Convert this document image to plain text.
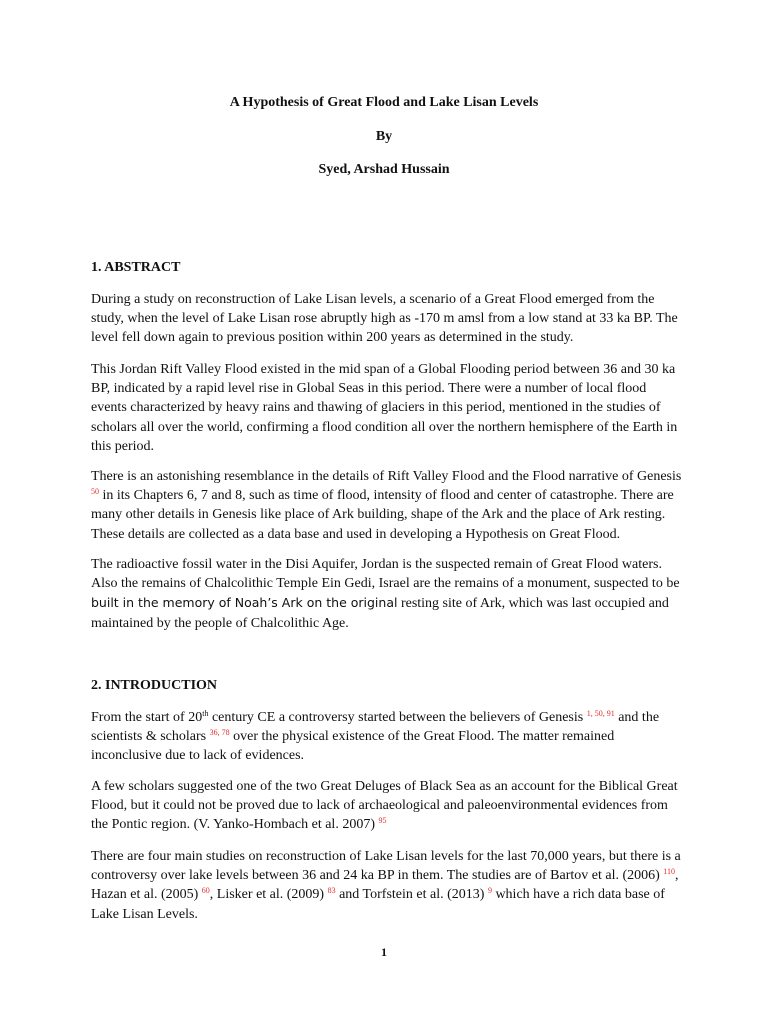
A Hypothesis of Great Flood and Lake Lisan Levels

By

Syed, Arshad Hussain

1. ABSTRACT

During a study on reconstruction of Lake Lisan levels, a scenario of a Great Flood emerged from the study, when the level of Lake Lisan rose abruptly high as -170 m amsl from a low stand at 33 ka BP. The level fell down again to previous position within 200 years as determined in the study.

This Jordan Rift Valley Flood existed in the mid span of a Global Flooding period between 36 and 30 ka BP, indicated by a rapid level rise in Global Seas in this period. There were a number of local flood events characterized by heavy rains and thawing of glaciers in this period, mentioned in the studies of scholars all over the world, confirming a flood condition all over the northern hemisphere of the Earth in this period.

There is an astonishing resemblance in the details of Rift Valley Flood and the Flood narrative of Genesis $^{50}$ in its Chapters 6, 7 and 8, such as time of flood, intensity of flood and center of catastrophe. There are many other details in Genesis like place of Ark building, shape of the Ark and the place of Ark resting. These details are collected as a data base and used in developing a Hypothesis on Great Flood.

The radioactive fossil water in the Disi Aquifer, Jordan is the suspected remain of Great Flood waters. Also the remains of Chalcolithic Temple Ein Gedi, Israel are the remains of a monument, suspected to be built in the memory of Noah’s Ark on the original resting site of Ark, which was last occupied and maintained by the people of Chalcolithic Age.

2. INTRODUCTION

From the start of 20th century CE a controversy started between the believers of Genesis $^{1, 50, 91}$ and the scientists & scholars $^{36, 78}$ over the physical existence of the Great Flood. The matter remained inconclusive due to lack of evidences.

A few scholars suggested one of the two Great Deluges of Black Sea as an account for the Biblical Great Flood, but it could not be proved due to lack of archaeological and paleoenvironmental evidences from the Pontic region. (V. Yanko-Hombach et al. 2007) $^{95}$

There are four main studies on reconstruction of Lake Lisan levels for the last 70,000 years, but there is a controversy over lake levels between 36 and 24 ka BP in them. The studies are of Bartov et al. (2006) $^{110}$, Hazan et al. (2005) $^{60}$, Lisker et al. (2009) $^{83}$ and Torfstein et al. (2013) $^9$ which have a rich data base of Lake Lisan Levels.

1
